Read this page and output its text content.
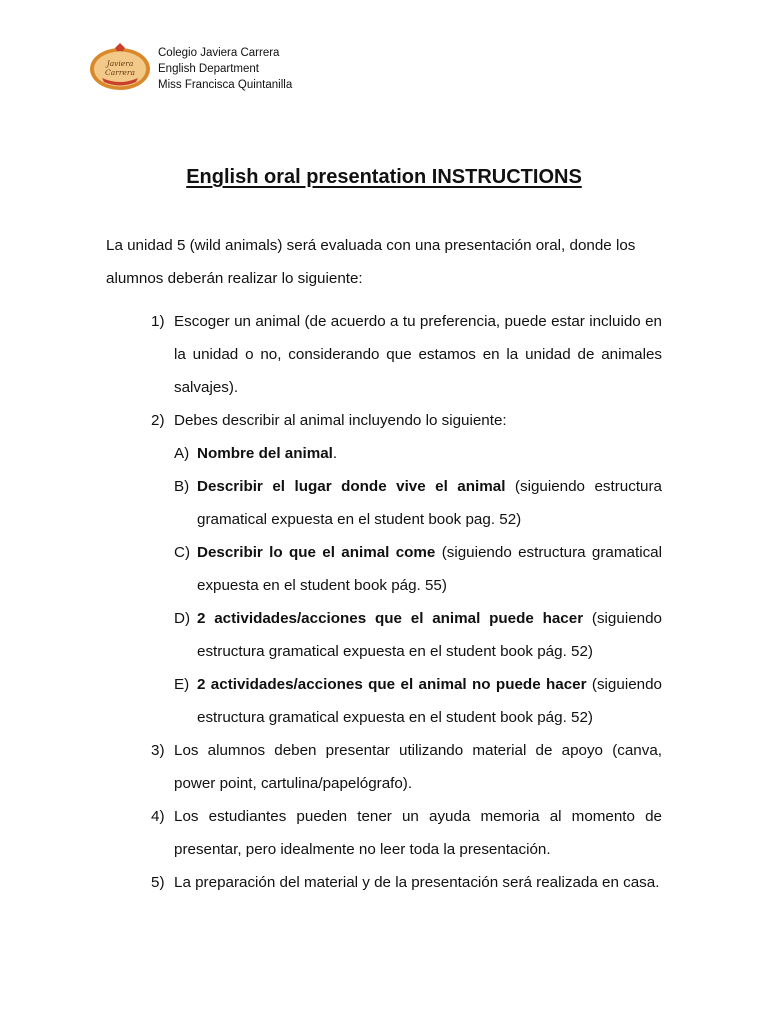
Javiera
Carrera
Colegio Javiera Carrera
English Department
Miss Francisca Quintanilla
English oral presentation INSTRUCTIONS
La unidad 5 (wild animals) será evaluada con una presentación oral, donde los alumnos deberán realizar lo siguiente:
1) Escoger un animal (de acuerdo a tu preferencia, puede estar incluido en la unidad o no, considerando que estamos en la unidad de animales salvajes).
2) Debes describir al animal incluyendo lo siguiente:
A) Nombre del animal.
B) Describir el lugar donde vive el animal (siguiendo estructura gramatical expuesta en el student book pag. 52)
C) Describir lo que el animal come (siguiendo estructura gramatical expuesta en el student book pág. 55)
D) 2 actividades/acciones que el animal puede hacer (siguiendo estructura gramatical expuesta en el student book pág. 52)
E) 2 actividades/acciones que el animal no puede hacer (siguiendo estructura gramatical expuesta en el student book pág. 52)
3) Los alumnos deben presentar utilizando material de apoyo (canva, power point, cartulina/papelógrafo).
4) Los estudiantes pueden tener un ayuda memoria al momento de presentar, pero idealmente no leer toda la presentación.
5) La preparación del material y de la presentación será realizada en casa.
